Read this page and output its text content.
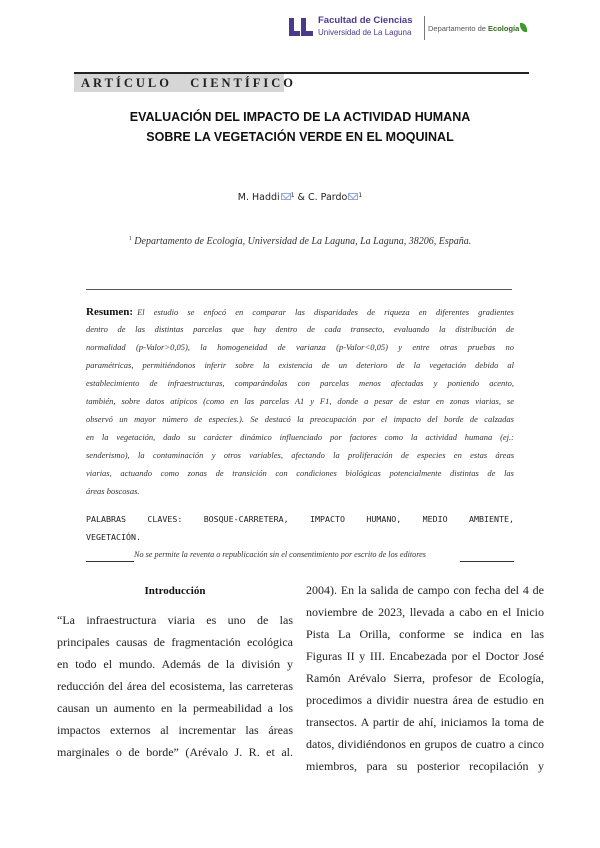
Facultad de Ciencias
Universidad de La Laguna Departamento de Ecología
ARTÍCULO   CIENTÍFICO
EVALUACIÓN DEL IMPACTO DE LA ACTIVIDAD HUMANA
SOBRE LA VEGETACIÓN VERDE EN EL MOQUINAL
M. Haddi $^1$ & C. Pardo $^1$
$^1$ Departamento de Ecología, Universidad de La Laguna, La Laguna, 38206, España.
Resumen: El estudio se enfocó en comparar las disparidades de riqueza en diferentes gradientes
dentro de las distintas parcelas que hay dentro de cada transecto, evaluando la distribución de
normalidad (p-Valor>0,05), la homogeneidad de varianza (p-Valor<0,05) y entre otras pruebas no
paramétricas, permitiéndonos inferir sobre la existencia de un deterioro de la vegetación debido al
establecimiento de infraestructuras, comparándolas con parcelas menos afectadas y poniendo acento,
también, sobre datos atípicos (como en las parcelas A1 y F1, donde a pesar de estar en zonas viarias, se
observó un mayor número de especies.). Se destacó la preocupación por el impacto del borde de calzadas
en la vegetación, dado su carácter dinámico influenciado por factores como la actividad humana (ej.:
senderismo), la contaminación y otros variables, afectando la proliferación de especies en estas áreas
viarias, actuando como zonas de transición con condiciones biológicas potencialmente distintas de las
áreas boscosas.
PALABRAS CLAVES: BOSQUE-CARRETERA, IMPACTO HUMANO, MEDIO AMBIENTE,
VEGETACIÓN.
No se permite la reventa o republicación sin el consentimiento por escrito de los editores
Introducción
“La infraestructura viaria es uno de las
principales causas de fragmentación ecológica
en todo el mundo. Además de la división y
reducción del área del ecosistema, las carreteras
causan un aumento en la permeabilidad a los
impactos externos al incrementar las áreas
marginales o de borde” (Arévalo J. R. et al.
2004). En la salida de campo con fecha del 4 de
noviembre de 2023, llevada a cabo en el Inicio
Pista La Orilla, conforme se indica en las
Figuras II y III. Encabezada por el Doctor José
Ramón Arévalo Sierra, profesor de Ecología,
procedimos a dividir nuestra área de estudio en
transectos. A partir de ahí, iniciamos la toma de
datos, dividiéndonos en grupos de cuatro a cinco
miembros, para su posterior recopilación y
